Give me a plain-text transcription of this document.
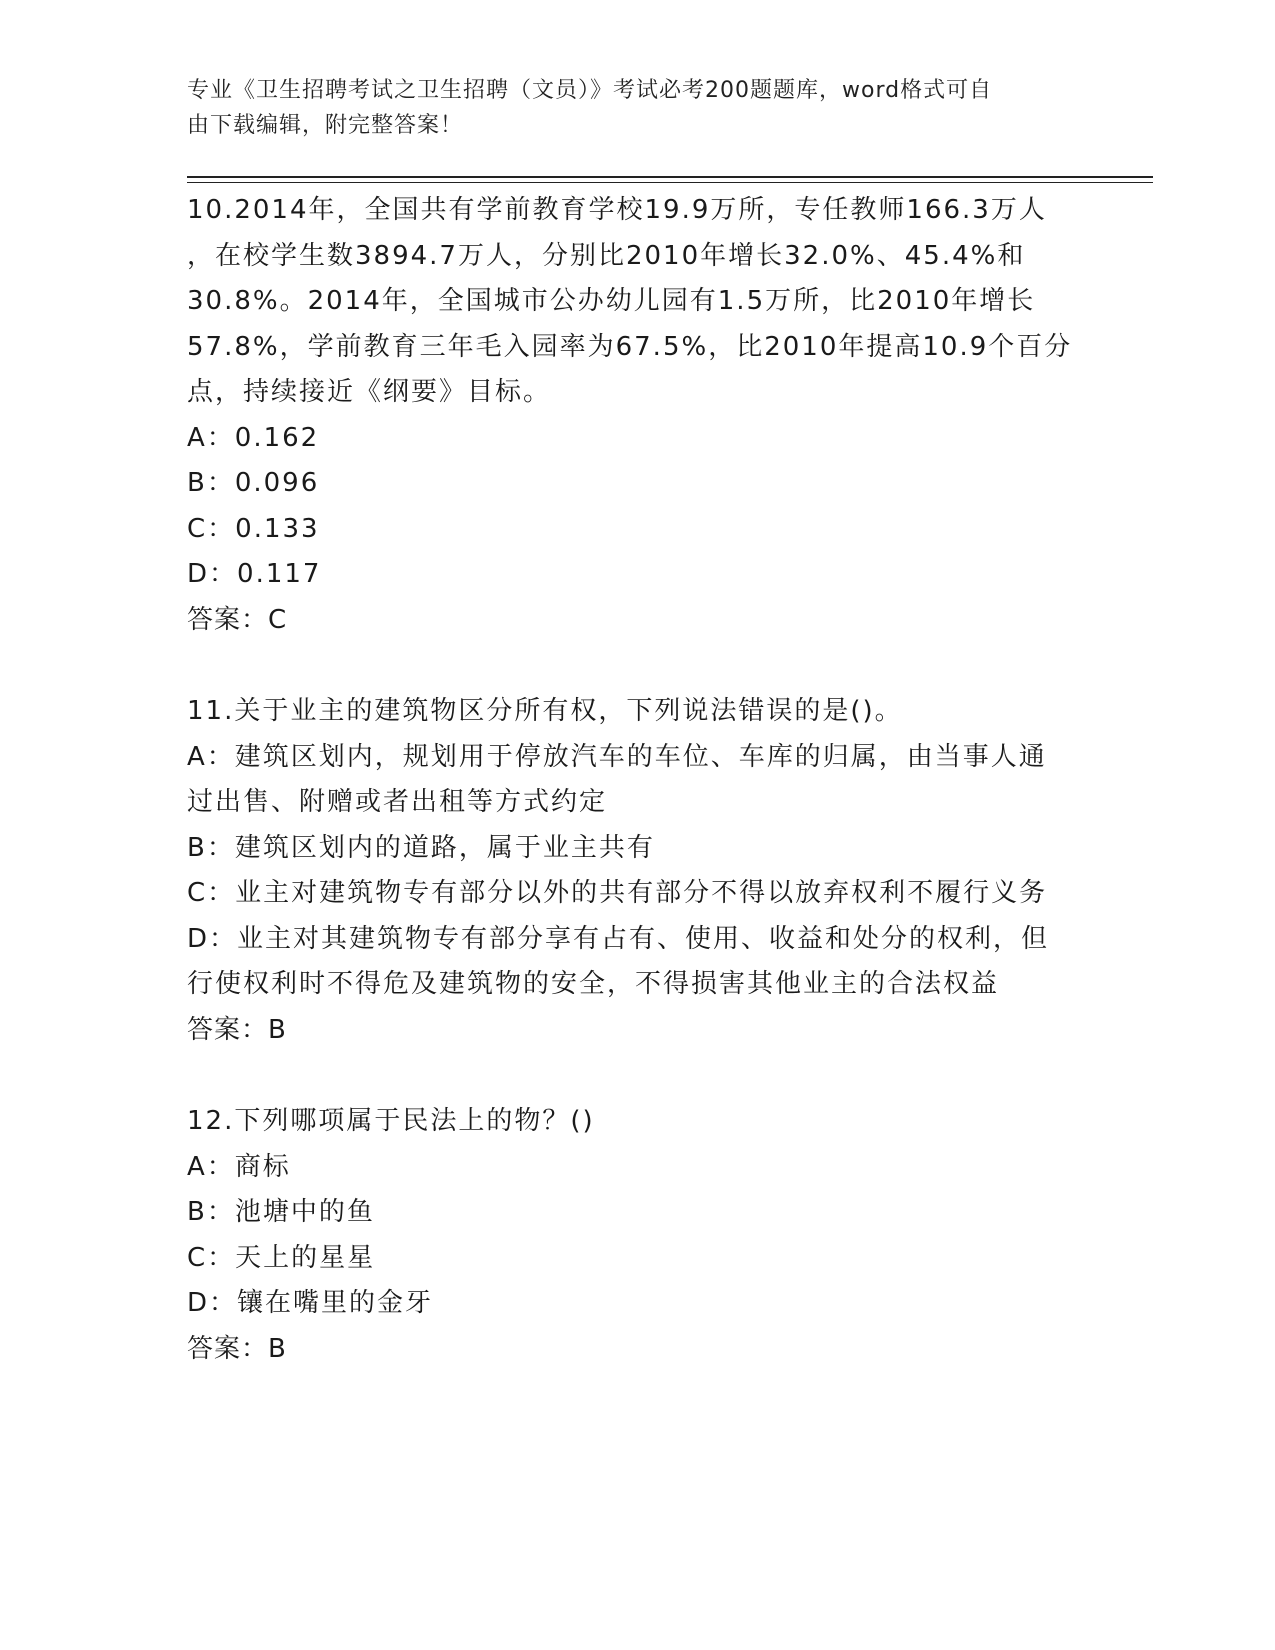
专业《卫生招聘考试之卫生招聘（文员）》考试必考200题题库，word格式可自
由下载编辑，附完整答案！
10.2014年，全国共有学前教育学校19.9万所，专任教师166.3万人
，在校学生数3894.7万人，分别比2010年增长32.0%、45.4%和
30.8%。2014年，全国城市公办幼儿园有1.5万所，比2010年增长
57.8%，学前教育三年毛入园率为67.5%，比2010年提高10.9个百分
点，持续接近《纲要》目标。
A：0.162
B：0.096
C：0.133
D：0.117
答案：C
11.关于业主的建筑物区分所有权，下列说法错误的是()。
A：建筑区划内，规划用于停放汽车的车位、车库的归属，由当事人通
过出售、附赠或者出租等方式约定
B：建筑区划内的道路，属于业主共有
C：业主对建筑物专有部分以外的共有部分不得以放弃权利不履行义务
D：业主对其建筑物专有部分享有占有、使用、收益和处分的权利，但
行使权利时不得危及建筑物的安全，不得损害其他业主的合法权益
答案：B
12.下列哪项属于民法上的物？()
A：商标
B：池塘中的鱼
C：天上的星星
D：镶在嘴里的金牙
答案：B
